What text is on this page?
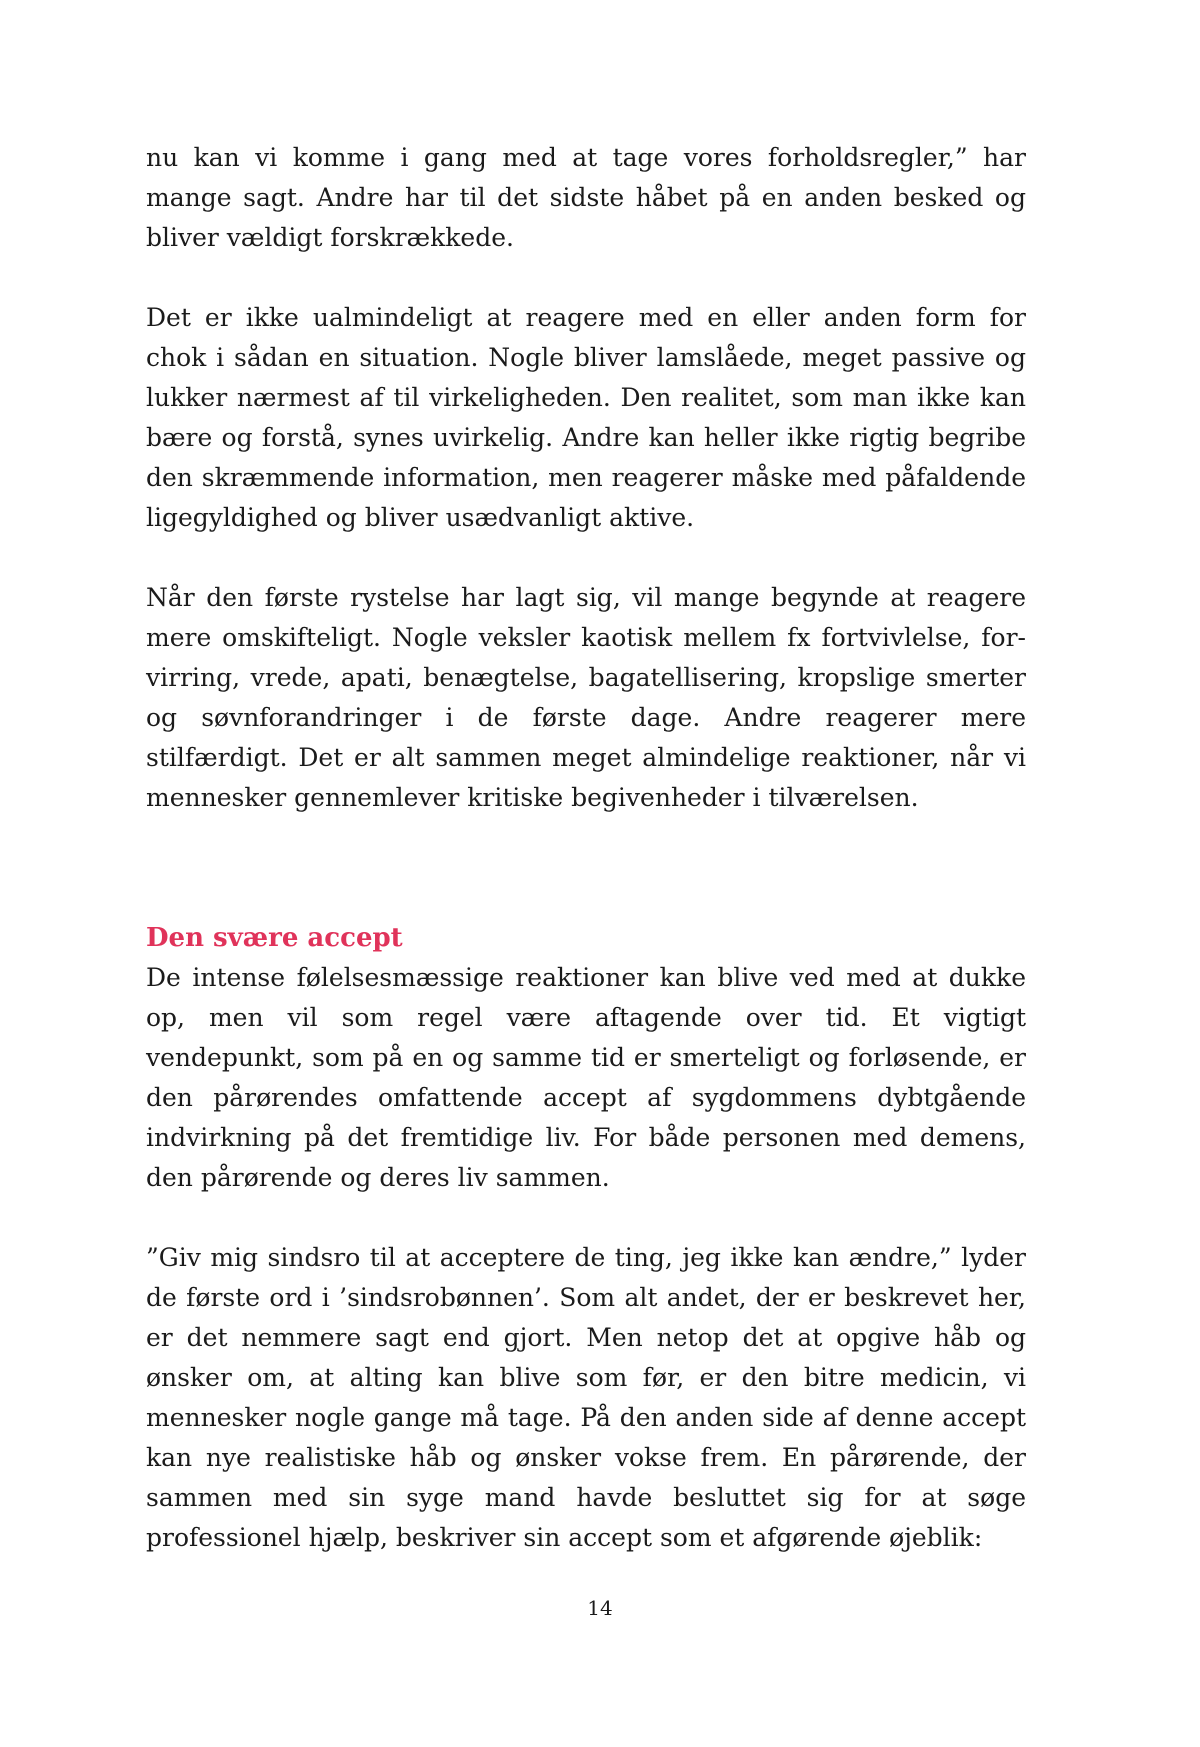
nu kan vi komme i gang med at tage vores forholdsregler,” har mange sagt. Andre har til det sidste håbet på en anden besked og bliver vældigt forskrækkede.

Det er ikke ualmindeligt at reagere med en eller anden form for chok i sådan en situation. Nogle bliver lamslåede, meget passive og lukker nærmest af til virkeligheden. Den realitet, som man ikke kan bære og forstå, synes uvirkelig. Andre kan heller ikke rigtig begribe den skræmmende information, men reagerer måske med påfaldende ligegyldighed og bliver usædvanligt aktive.

Når den første rystelse har lagt sig, vil mange begynde at reagere mere omskifteligt. Nogle veksler kaotisk mellem fx fortvivlelse, forvirring, vrede, apati, benægtelse, bagatellisering, kropslige smerter og søvnforandringer i de første dage. Andre reagerer mere stilfærdigt. Det er alt sammen meget almindelige reaktioner, når vi mennesker gennemlever kritiske begivenheder i tilværelsen.

Den svære accept

De intense følelsesmæssige reaktioner kan blive ved med at dukke op, men vil som regel være aftagende over tid. Et vigtigt vendepunkt, som på en og samme tid er smerteligt og forløsende, er den pårørendes omfattende accept af sygdommens dybtgående indvirkning på det fremtidige liv. For både personen med demens, den pårørende og deres liv sammen.

”Giv mig sindsro til at acceptere de ting, jeg ikke kan ændre,” lyder de første ord i ’sindsrobønnen’. Som alt andet, der er beskrevet her, er det nemmere sagt end gjort. Men netop det at opgive håb og ønsker om, at alting kan blive som før, er den bitre medicin, vi mennesker nogle gange må tage. På den anden side af denne accept kan nye realistiske håb og ønsker vokse frem. En pårørende, der sammen med sin syge mand havde besluttet sig for at søge professionel hjælp, beskriver sin accept som et afgørende øjeblik:

14
